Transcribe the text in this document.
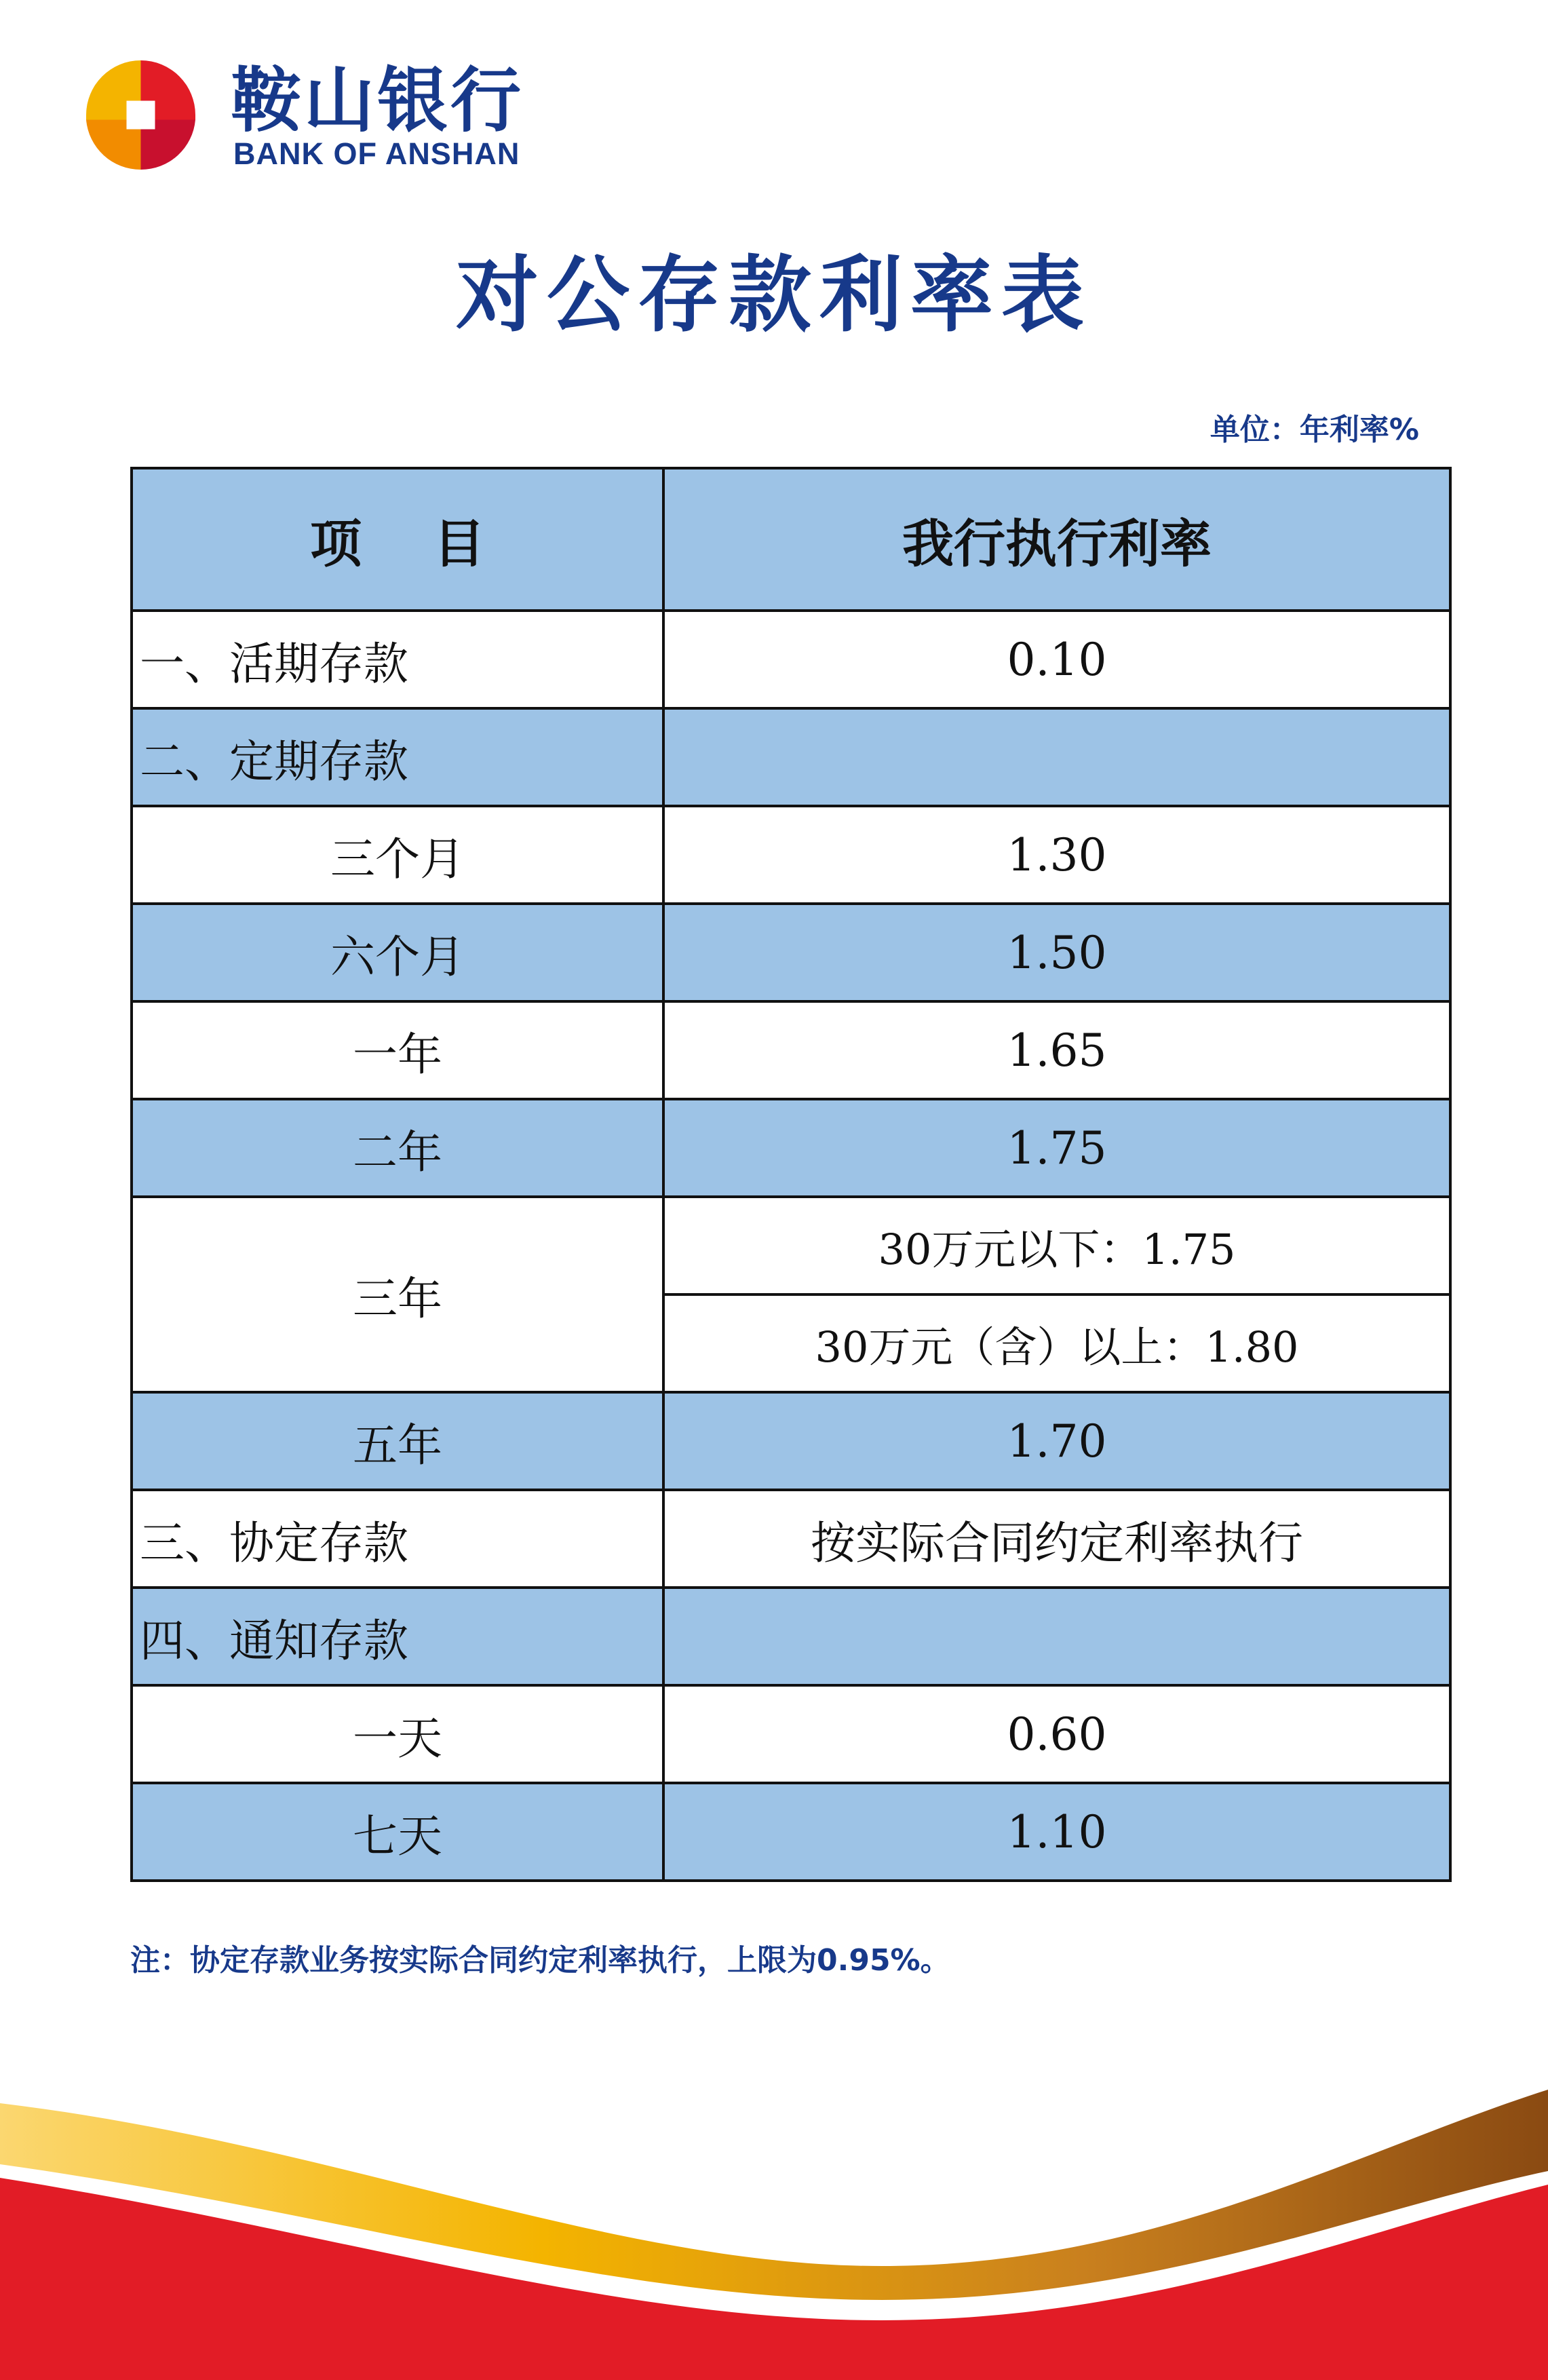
鞍山银行
BANK OF ANSHAN
对公存款利率表
单位：年利率%
项    目	我行执行利率
一、活期存款	0.10
二、定期存款	
三个月	1.30
六个月	1.50
一年	1.65
二年	1.75
三年	30万元以下：1.75
	30万元（含）以上：1.80
五年	1.70
三、协定存款	按实际合同约定利率执行
四、通知存款	
一天	0.60
七天	1.10
注：协定存款业务按实际合同约定利率执行，上限为0.95%。
